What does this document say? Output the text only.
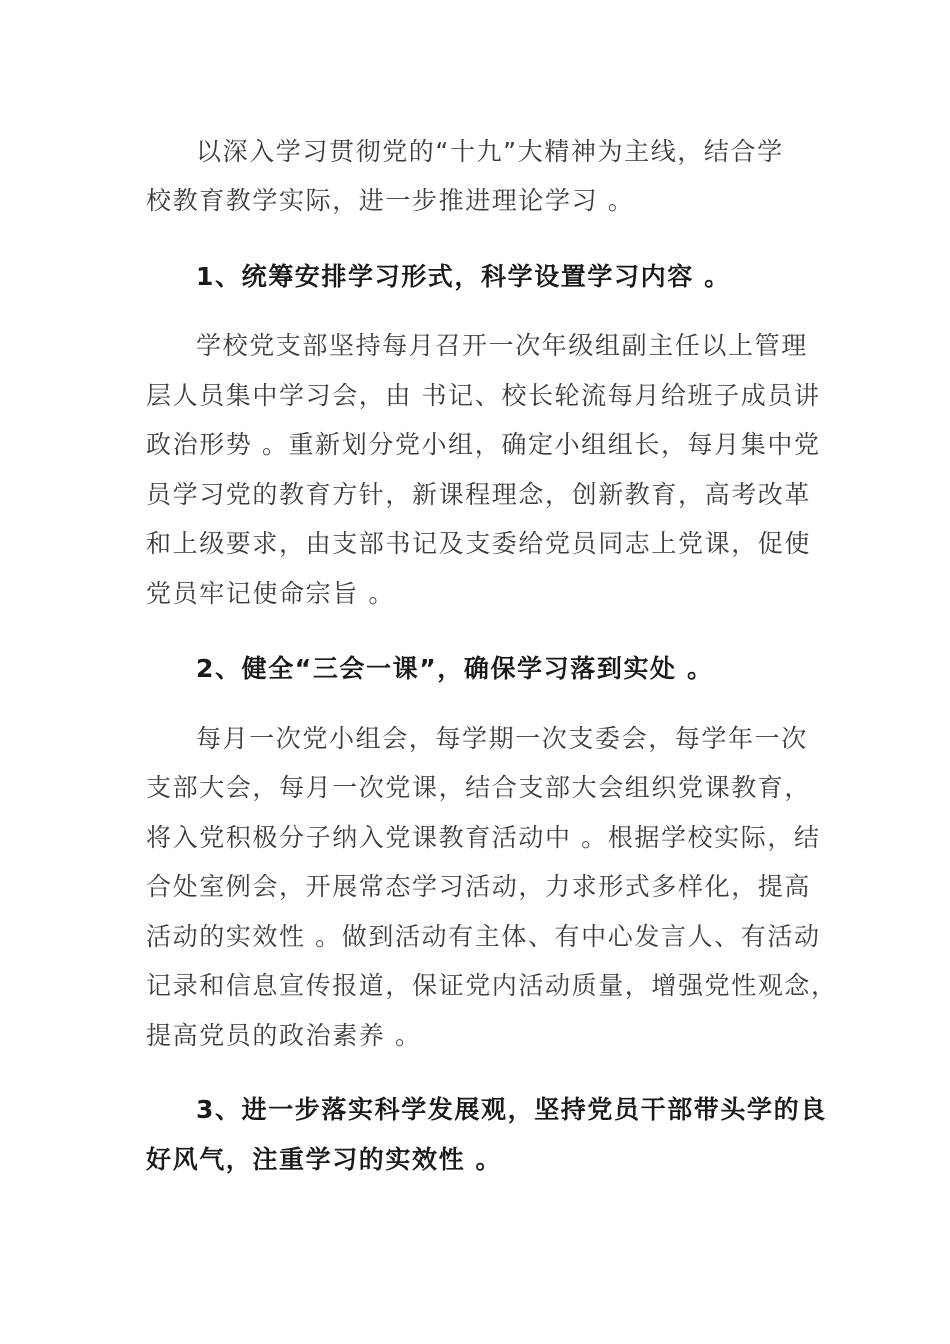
以深入学习贯彻党的“十九”大精神为主线，结合学
校教育教学实际，进一步推进理论学习 。
1、统筹安排学习形式，科学设置学习内容 。
学校党支部坚持每月召开一次年级组副主任以上管理
层人员集中学习会，由 书记、校长轮流每月给班子成员讲
政治形势 。重新划分党小组，确定小组组长，每月集中党
员学习党的教育方针，新课程理念，创新教育，高考改革
和上级要求，由支部书记及支委给党员同志上党课，促使
党员牢记使命宗旨 。
2、健全“三会一课”，确保学习落到实处 。
每月一次党小组会，每学期一次支委会，每学年一次
支部大会，每月一次党课，结合支部大会组织党课教育，
将入党积极分子纳入党课教育活动中 。根据学校实际，结
合处室例会，开展常态学习活动，力求形式多样化，提高
活动的实效性 。做到活动有主体、有中心发言人、有活动
记录和信息宣传报道，保证党内活动质量，增强党性观念，
提高党员的政治素养 。
3、进一步落实科学发展观，坚持党员干部带头学的良
好风气，注重学习的实效性 。
